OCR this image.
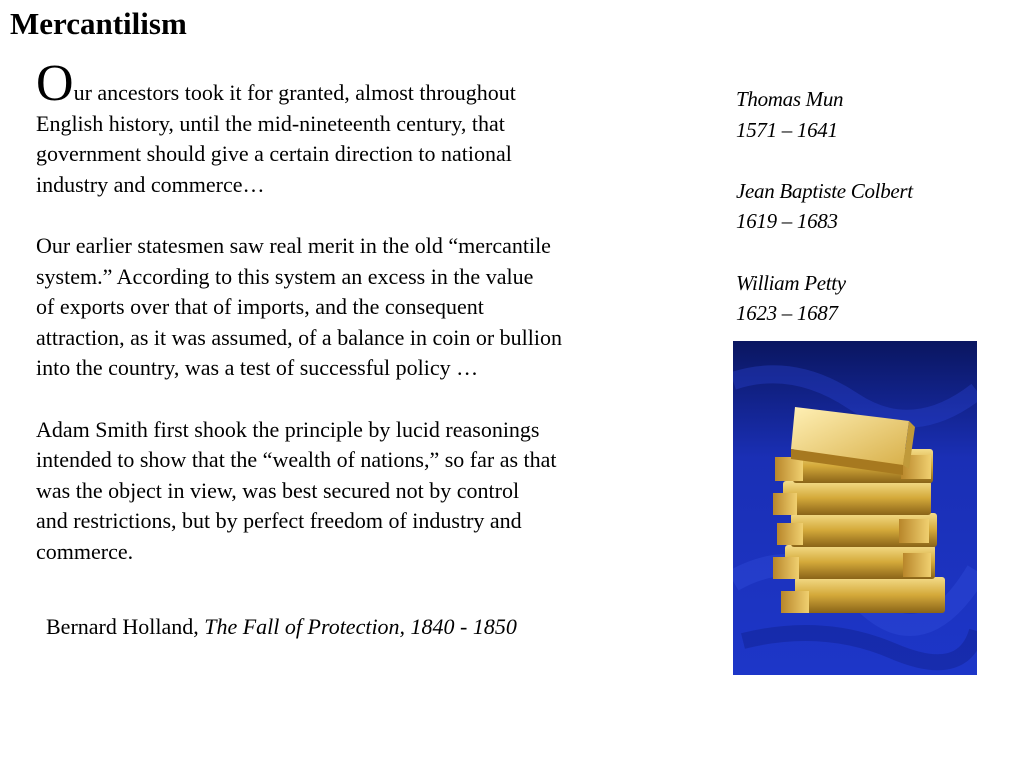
Mercantilism

Our ancestors took it for granted, almost throughout
English history, until the mid-nineteenth century, that
government should give a certain direction to national
industry and commerce…

Our earlier statesmen saw real merit in the old “mercantile
system.” According to this system an excess in the value
of exports over that of imports, and the consequent
attraction, as it was assumed, of a balance in coin or bullion
into the country, was a test of successful policy …

Adam Smith first shook the principle by lucid reasonings
intended to show that the “wealth of nations,” so far as that
was the object in view, was best secured not by control
and restrictions, but by perfect freedom of industry and
commerce.

Bernard Holland, The Fall of Protection, 1840 - 1850
Thomas Mun
1571 – 1641
Jean Baptiste Colbert
1619 – 1683
William Petty
1623 – 1687
